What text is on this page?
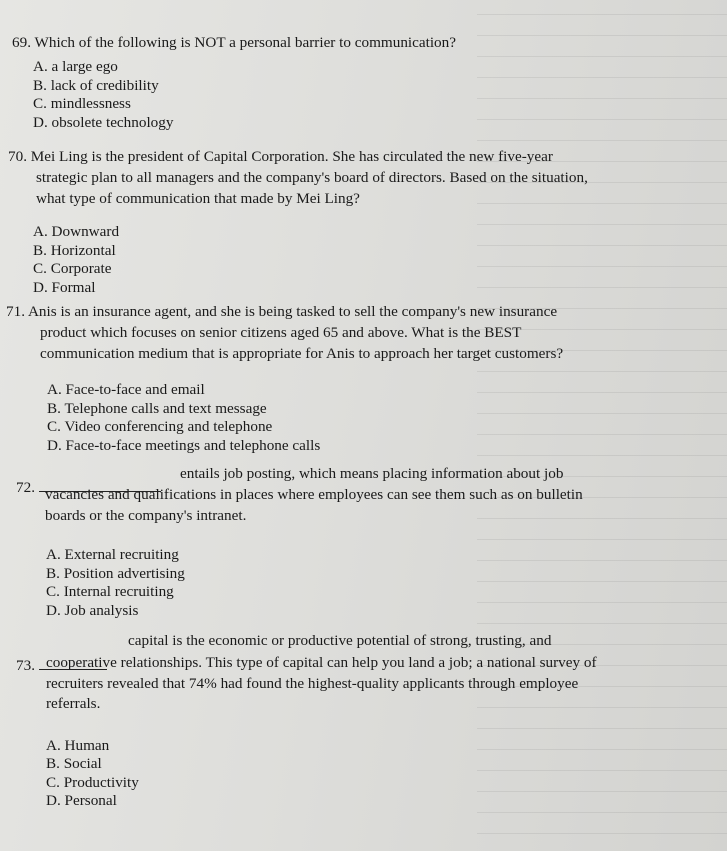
69. Which of the following is NOT a personal barrier to communication?
A. a large ego
B. lack of credibility
C. mindlessness
D. obsolete technology
70. Mei Ling is the president of Capital Corporation. She has circulated the new five-year
strategic plan to all managers and the company's board of directors. Based on the situation,
what type of communication that made by Mei Ling?
A. Downward
B. Horizontal
C. Corporate
D. Formal
71. Anis is an insurance agent, and she is being tasked to sell the company's new insurance
product which focuses on senior citizens aged 65 and above. What is the BEST
communication medium that is appropriate for Anis to approach her target customers?
A. Face-to-face and email
B. Telephone calls and text message
C. Video conferencing and telephone
D. Face-to-face meetings and telephone calls
entails job posting, which means placing information about job
72. vacancies and qualifications in places where employees can see them such as on bulletin
boards or the company's intranet.
A. External recruiting
B. Position advertising
C. Internal recruiting
D. Job analysis
capital is the economic or productive potential of strong, trusting, and
73. cooperative relationships. This type of capital can help you land a job; a national survey of
recruiters revealed that 74% had found the highest-quality applicants through employee
referrals.
A. Human
B. Social
C. Productivity
D. Personal
